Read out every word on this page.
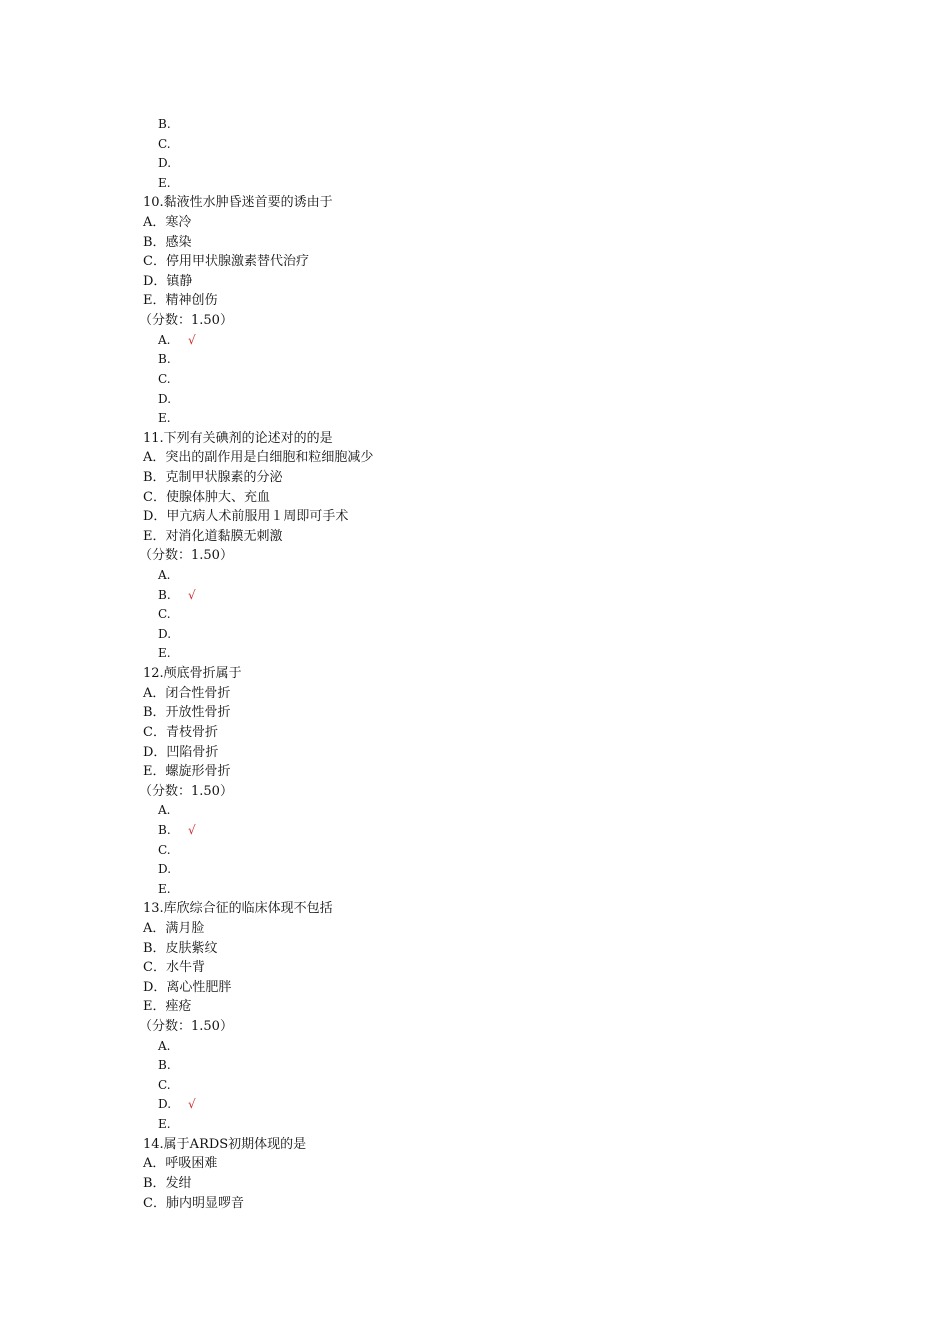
B.
C.
D.
E.
10.黏液性水肿昏迷首要的诱由于
A．寒冷
B．感染
C．停用甲状腺激素替代治疗
D．镇静
E．精神创伤
（分数：1.50）
A. √
B.
C.
D.
E.
11.下列有关碘剂的论述对的的是
A．突出的副作用是白细胞和粒细胞减少
B．克制甲状腺素的分泌
C．使腺体肿大、充血
D．甲亢病人术前服用１周即可手术
E．对消化道黏膜无刺激
（分数：1.50）
A.
B. √
C.
D.
E.
12.颅底骨折属于
A．闭合性骨折
B．开放性骨折
C．青枝骨折
D．凹陷骨折
E．螺旋形骨折
（分数：1.50）
A.
B. √
C.
D.
E.
13.库欣综合征的临床体现不包括
A．满月脸
B．皮肤紫纹
C．水牛背
D．离心性肥胖
E．痤疮
（分数：1.50）
A.
B.
C.
D. √
E.
14.属于ARDS初期体现的是
A．呼吸困难
B．发绀
C．肺内明显啰音
